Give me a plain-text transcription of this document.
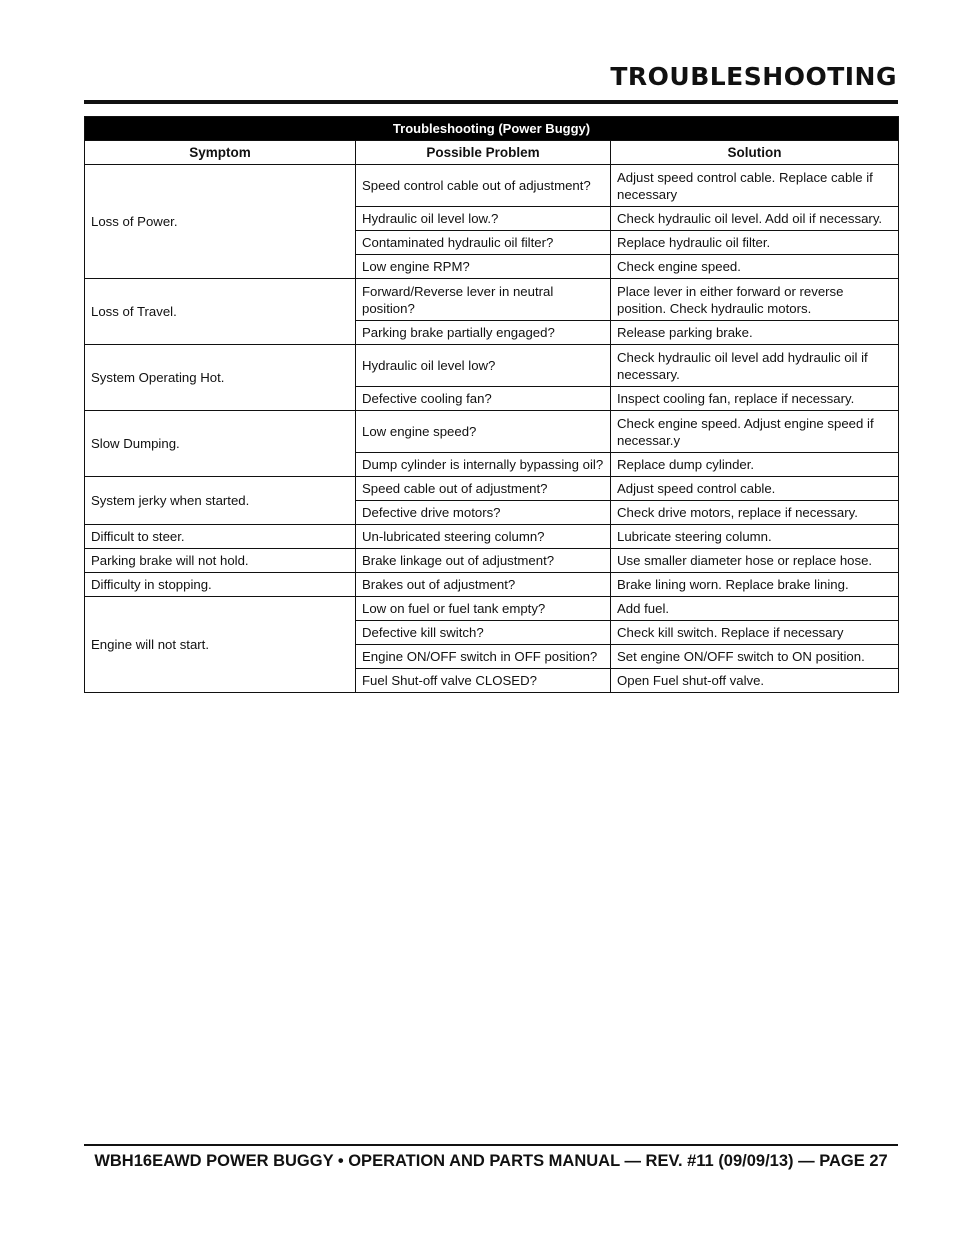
TROUBLESHOOTING
Troubleshooting (Power Buggy)		
Symptom	Possible Problem	Solution
Loss of Power.	Speed control cable out of adjustment?	Adjust speed control cable. Replace cable if necessary
	Hydraulic oil level low.?	Check hydraulic oil level. Add oil if necessary.
	Contaminated hydraulic oil filter?	Replace hydraulic oil filter.
	Low engine RPM?	Check engine speed.
Loss of Travel.	Forward/Reverse lever in neutral position?	Place lever in either forward or reverse position. Check hydraulic motors.
	Parking brake partially engaged?	Release parking brake.
System Operating Hot.	Hydraulic oil level low?	Check hydraulic oil level add hydraulic oil if necessary.
	Defective cooling fan?	Inspect cooling fan, replace if necessary.
Slow Dumping.	Low engine speed?	Check engine speed. Adjust engine speed if necessar.y
	Dump cylinder is internally bypassing oil?	Replace dump cylinder.
System jerky when started.	Speed cable out of adjustment?	Adjust speed control cable.
	Defective drive motors?	Check drive motors, replace if necessary.
Difficult to steer.	Un-lubricated steering column?	Lubricate steering column.
Parking brake will not hold.	Brake linkage out of adjustment?	Use smaller diameter hose or replace hose.
Difficulty in stopping.	Brakes out of adjustment?	Brake lining worn. Replace brake lining.
Engine will not start.	Low on fuel or fuel tank empty?	Add fuel.
	Defective kill switch?	Check kill switch. Replace if necessary
	Engine ON/OFF switch in OFF position?	Set engine ON/OFF switch to ON position.
	Fuel Shut-off valve CLOSED?	Open Fuel shut-off valve.
WBH16EAWD POWER BUGGY • OPERATION AND PARTS MANUAL — REV. #11 (09/09/13) — PAGE 27
